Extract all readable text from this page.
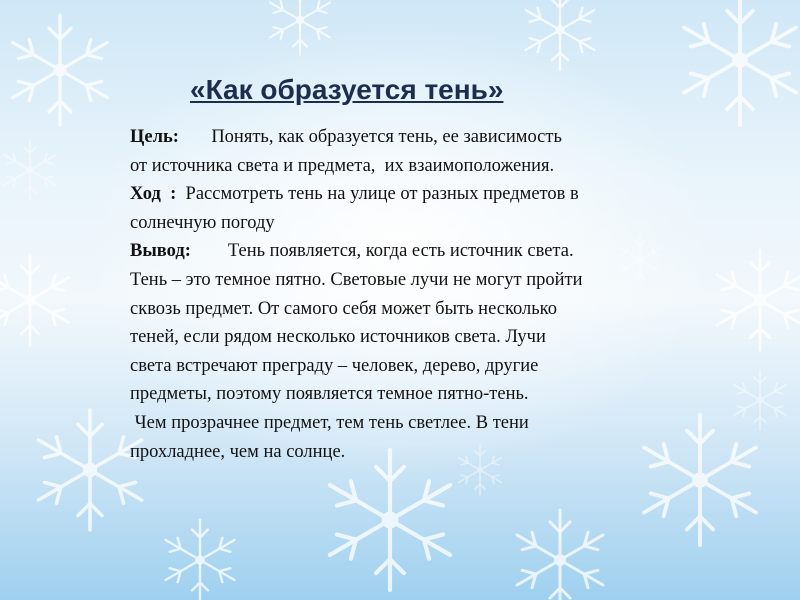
«Как образуется тень»
Цель:       Понять, как образуется тень, ее зависимость
от источника света и предмета,  их взаимоположения.
Ход  :  Рассмотреть тень на улице от разных предметов в
солнечную погоду
Вывод:        Тень появляется, когда есть источник света.
Тень – это темное пятно. Световые лучи не могут пройти
сквозь предмет. От самого себя может быть несколько
теней, если рядом несколько источников света. Лучи
света встречают преграду – человек, дерево, другие
предметы, поэтому появляется темное пятно-тень.
Чем прозрачнее предмет, тем тень светлее. В тени
прохладнее, чем на солнце.
